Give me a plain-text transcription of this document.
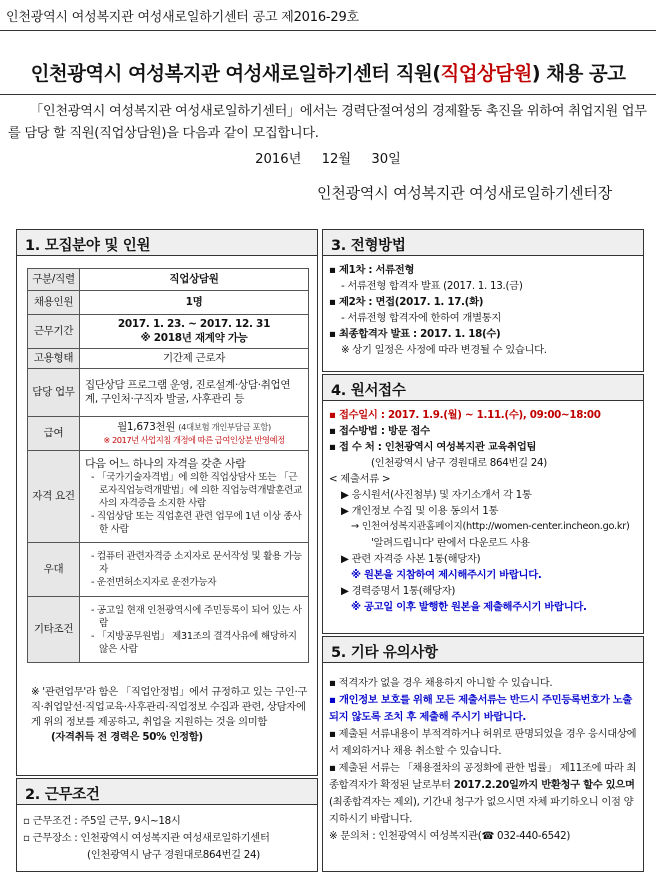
인천광역시 여성복지관 여성새로일하기센터 공고 제2016-29호
인천광역시 여성복지관 여성새로일하기센터 직원(직업상담원) 채용 공고
「인천광역시 여성복지관 여성새로일하기센터」에서는 경력단절여성의 경제활동 촉진을 위하여 취업지원 업무를 담당 할 직원(직업상담원)을 다음과 같이 모집합니다.
2016년 12월 30일
인천광역시 여성복지관 여성새로일하기센터장
1. 모집분야 및 인원
구분/직렬	직업상담원
채용인원	1명
근무기간	2017. 1. 23. ~ 2017. 12. 31
※ 2018년 재계약 가능

고용형태	기간제 근로자
담당 업무	집단상담 프로그램 운영, 진로설계·상담·취업연계, 구인처·구직자 발굴, 사후관리 등
급여	월1,673천원 (4대보험 개인부담금 포함)
※ 2017년 사업지침 개정에 따른 급여인상분 반영예정

자격 요건	다음 어느 하나의 자격을 갖춘 사람
- 「국가기술자격법」에 의한 직업상담사 또는 「근로자직업능력개발법」에 의한 직업능력개발훈련교사의 자격증을 소지한 사람
- 직업상담 또는 직업훈련 관련 업무에 1년 이상 종사한 사람

우대	- 컴퓨터 관련자격증 소지자로 문서작성 및 활용 가능자
- 운전면허소지자로 운전가능자

기타조건	- 공고일 현재 인천광역시에 주민등록이 되어 있는 사람
- 「지방공무원법」 제31조의 결격사유에 해당하지 않은 사람
※ '관련업무'라 함은 「직업안정법」에서 규정하고 있는 구인·구직·취업알선·직업교육·사후관리·직업정보 수집과 관련, 상담자에게 위의 정보를 제공하고, 취업을 지원하는 것을 의미함
(자격취득 전 경력은 50% 인정함)
2. 근무조건
▫ 근무조건 : 주5일 근무, 9시~18시
▫ 근무장소 : 인천광역시 여성복지관 여성새로일하기센터
(인천광역시 남구 경원대로864번길 24)
3. 전형방법
▪ 제1차 : 서류전형
- 서류전형 합격자 발표 (2017. 1. 13.(금)
▪ 제2차 : 면접(2017. 1. 17.(화)
- 서류전형 합격자에 한하여 개별통지
▪ 최종합격자 발표 : 2017. 1. 18(수)
※ 상기 일정은 사정에 따라 변경될 수 있습니다.
4. 원서접수
▪ 접수일시 : 2017. 1.9.(월) ~ 1.11.(수), 09:00~18:00
▪ 접수방법 : 방문 접수
▪ 접 수 처 : 인천광역시 여성복지관 교육취업팀
(인천광역시 남구 경원대로 864번길 24)
< 제출서류 >
▶ 응시원서(사진첨부) 및 자기소개서 각 1통
▶ 개인정보 수집 및 이용 동의서 1통
→ 인천여성복지관홈페이지(http://women-center.incheon.go.kr)
'알려드립니다' 란에서 다운로드 사용
▶ 관련 자격증 사본 1통(해당자)
※ 원본을 지참하여 제시해주시기 바랍니다.
▶ 경력증명서 1통(해당자)
※ 공고일 이후 발행한 원본을 제출해주시기 바랍니다.
5. 기타 유의사항
▪ 적격자가 없을 경우 채용하지 아니할 수 있습니다.
▪ 개인정보 보호를 위해 모든 제출서류는 반드시 주민등록번호가 노출되지 않도록 조치 후 제출해 주시기 바랍니다.
▪ 제출된 서류내용이 부적격하거나 허위로 판명되었을 경우 응시대상에서 제외하거나 채용 취소할 수 있습니다.
▪ 제출된 서류는 「채용절차의 공정화에 관한 법률」 제11조에 따라 최종합격자가 확정된 날로부터 2017.2.20일까지 반환청구 할수 있으며(최종합격자는 제외), 기간내 청구가 없으시면 자체 파기하오니 이점 양지하시기 바랍니다.
※ 문의처 : 인천광역시 여성복지관(☎ 032-440-6542)
